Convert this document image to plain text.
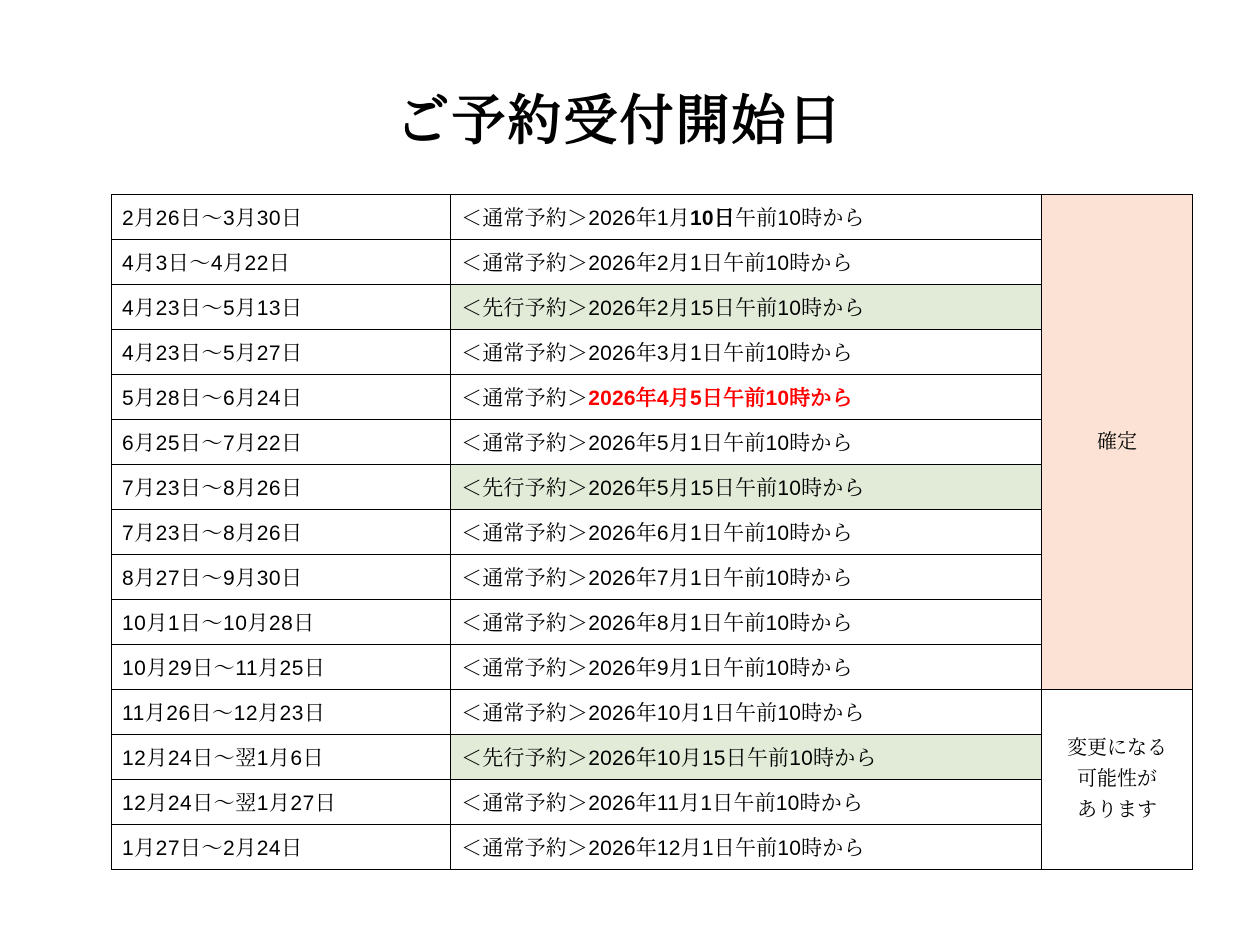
ご予約受付開始日
2月26日〜3月30日	＜通常予約＞2026年1月10日午前10時から	確定
4月3日〜4月22日	＜通常予約＞2026年2月1日午前10時から	
4月23日〜5月13日	＜先行予約＞2026年2月15日午前10時から	
4月23日〜5月27日	＜通常予約＞2026年3月1日午前10時から	
5月28日〜6月24日	＜通常予約＞2026年4月5日午前10時から	
6月25日〜7月22日	＜通常予約＞2026年5月1日午前10時から	
7月23日〜8月26日	＜先行予約＞2026年5月15日午前10時から	
7月23日〜8月26日	＜通常予約＞2026年6月1日午前10時から	
8月27日〜9月30日	＜通常予約＞2026年7月1日午前10時から	
10月1日〜10月28日	＜通常予約＞2026年8月1日午前10時から	
10月29日〜11月25日	＜通常予約＞2026年9月1日午前10時から	
11月26日〜12月23日	＜通常予約＞2026年10月1日午前10時から	変更になる
可能性が
あります

12月24日〜翌1月6日	＜先行予約＞2026年10月15日午前10時から	
12月24日〜翌1月27日	＜通常予約＞2026年11月1日午前10時から	
1月27日〜2月24日	＜通常予約＞2026年12月1日午前10時から	
